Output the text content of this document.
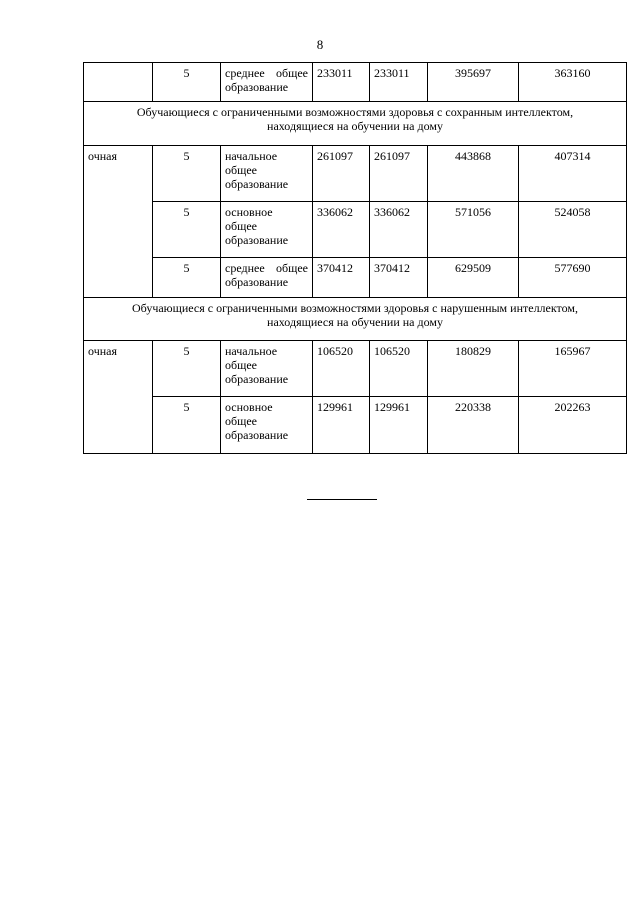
8
	5	среднее общее
образование	233011	233011	395697	363160

Обучающиеся с ограниченными возможностями здоровья с сохранным интеллектом,
находящиеся на обучении на дому						

очная	5	начальное
общее
образование	261097	261097	443868	407314
	5	основное
общее
образование	336062	336062	571056	524058
	5	среднее общее
образование	370412	370412	629509	577690

Обучающиеся с ограниченными возможностями здоровья с нарушенным интеллектом,
находящиеся на обучении на дому						

очная	5	начальное
общее
образование	106520	106520	180829	165967
	5	основное
общее
образование	129961	129961	220338	202263
